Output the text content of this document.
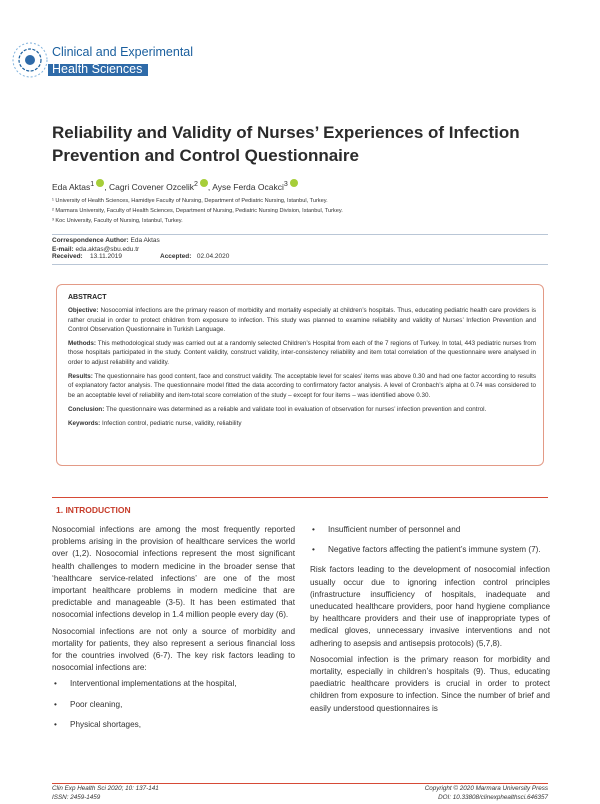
Clinical and Experimental
Health Sciences
Reliability and Validity of Nurses’ Experiences of Infection Prevention and Control Questionnaire
Eda Aktas$^1$ , Cagri Covener Ozcelik$^2$ , Ayse Ferda Ocakci$^3$
¹ University of Health Sciences, Hamidiye Faculty of Nursing, Department of Pediatric Nursing, Istanbul, Turkey.
² Marmara University, Faculty of Health Sciences, Department of Nursing, Pediatric Nursing Division, Istanbul, Turkey.
³ Koc University, Faculty of Nursing, Istanbul, Turkey.
Correspondence Author: Eda Aktas
E-mail: eda.aktas@sbu.edu.tr
Received: 13.11.2019	Accepted: 02.04.2020

ABSTRACT

Objective: Nosocomial infections are the primary reason of morbidity and mortality especially at children’s hospitals. Thus, educating pediatric health care providers is rather crucial in order to protect children from exposure to infection. This study was planned to examine reliability and validity of Nurses’ Infection Prevention and Control Observation Questionnaire in Turkish Language.

Methods: This methodological study was carried out at a randomly selected Children’s Hospital from each of the 7 regions of Turkey. In total, 443 pediatric nurses from those hospitals participated in the study. Content validity, construct validity, inter-consistency reliability and item total correlation of the questionnaire were analysed in order to adjust reliability and validity.

Results: The questionnaire has good content, face and construct validity. The acceptable level for scales’ items was above 0.30 and had one factor according to results of explanatory factor analysis. The questionnaire model fitted the data according to confirmatory factor analysis. A level of Cronbach’s alpha at 0.74 was considered to be an acceptable level of reliability and item-total score correlation of the study – except for four items – was identified above 0.30.

Conclusion: The questionnaire was determined as a reliable and validate tool in evaluation of observation for nurses’ infection prevention and control.

Keywords: Infection control, pediatric nurse, validity, reliability

1. INTRODUCTION

Nosocomial infections are among the most frequently reported problems arising in the provision of healthcare services the world over (1,2). Nosocomial infections represent the most significant health challenges to modern medicine in the broader sense that ‘healthcare service-related infections’ are one of the most important healthcare problems in modern medicine that are predictable and manageable (3-5). It has been estimated that nosocomial infections develop in 1.4 million people every day (6).

Nosocomial infections are not only a source of morbidity and mortality for patients, they also represent a serious financial loss for the countries involved (6-7). The key risk factors leading to nosocomial infections are:

• Interventional implementations at the hospital,
• Poor cleaning,
• Physical shortages,
• Insufficient number of personnel and
• Negative factors affecting the patient’s immune system (7).

Risk factors leading to the development of nosocomial infection usually occur due to ignoring infection control principles (infrastructure insufficiency of hospitals, inadequate and uneducated healthcare providers, poor hand hygiene compliance by healthcare providers and their use of inappropriate types of medical gloves, unnecessary invasive interventions and not adhering to asepsis and antisepsis protocols) (5,7,8).

Nosocomial infection is the primary reason for morbidity and mortality, especially in children’s hospitals (9). Thus, educating paediatric healthcare providers is crucial in order to protect children from exposure to infection. Since the number of brief and easily understood questionnaires is

Clin Exp Health Sci 2020; 10: 137-141
ISSN: 2459-1459
Copyright © 2020 Marmara University Press
DOI: 10.33808/clinexphealthsci.646357
